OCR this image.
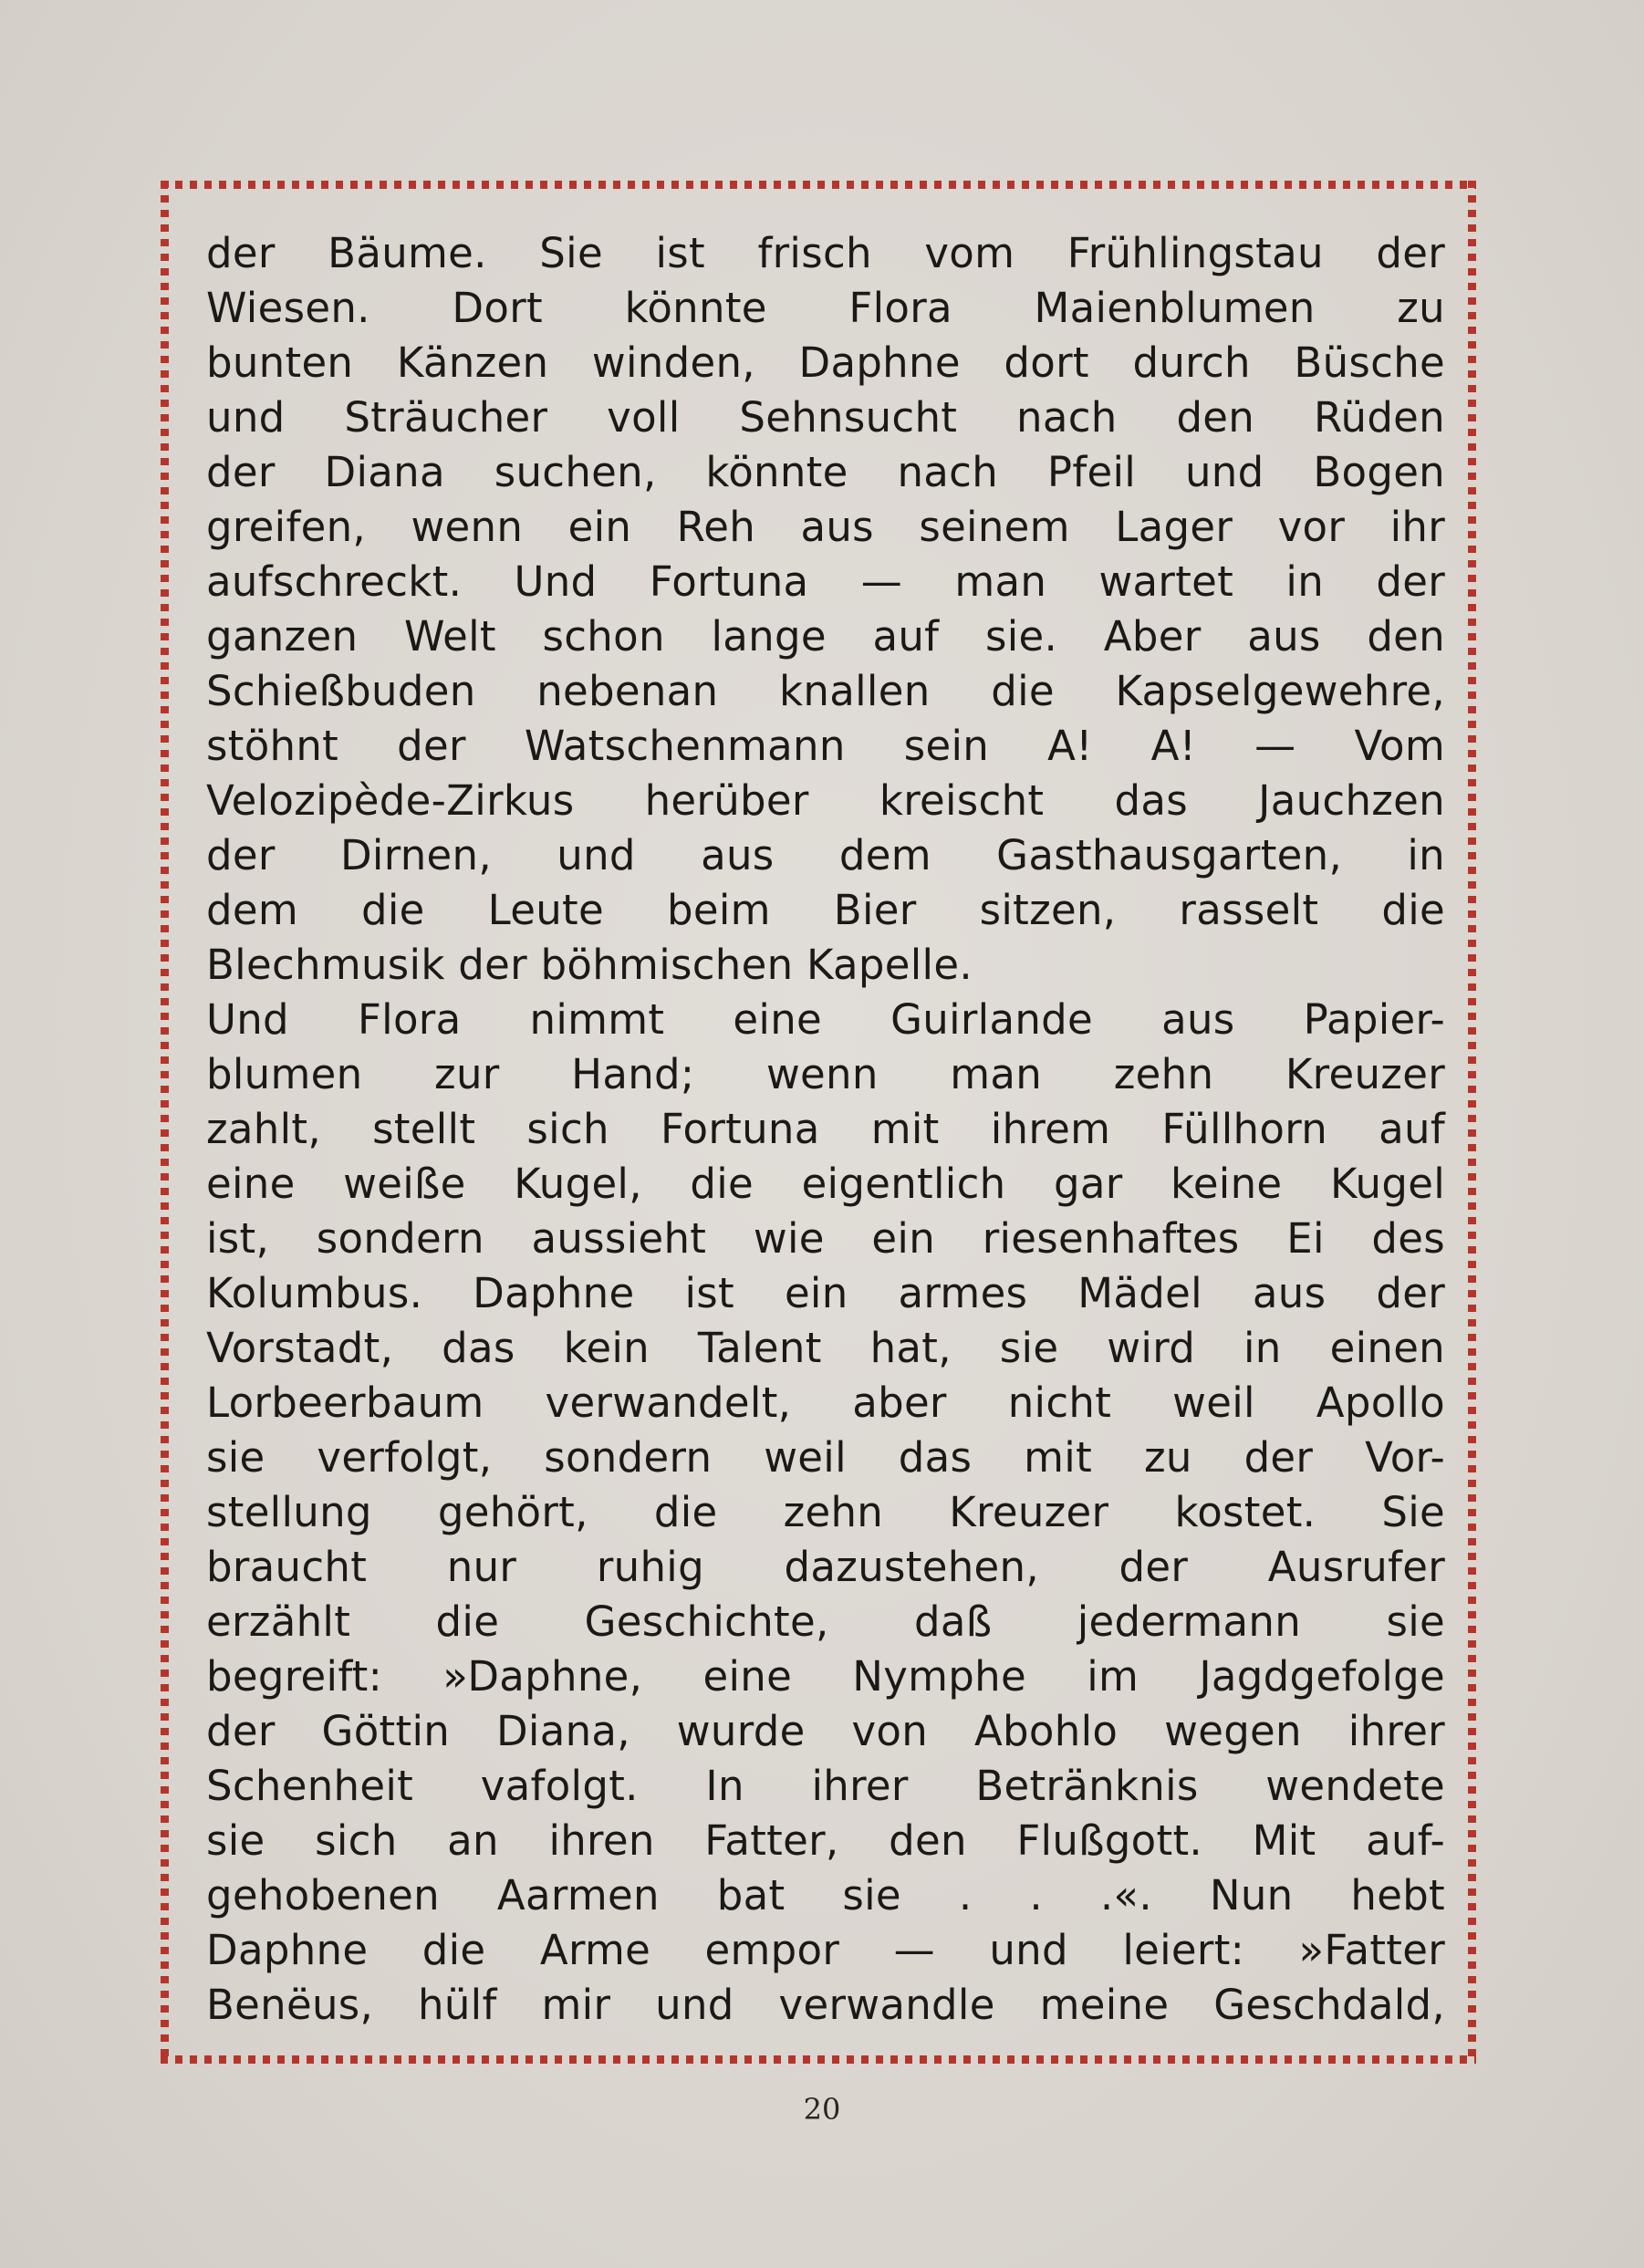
der Bäume. Sie ist frisch vom Frühlingstau der
Wiesen. Dort könnte Flora Maienblumen zu
bunten Känzen winden, Daphne dort durch Büsche
und Sträucher voll Sehnsucht nach den Rüden
der Diana suchen, könnte nach Pfeil und Bogen
greifen, wenn ein Reh aus seinem Lager vor ihr
aufschreckt. Und Fortuna — man wartet in der
ganzen Welt schon lange auf sie. Aber aus den
Schießbuden nebenan knallen die Kapselgewehre,
stöhnt der Watschenmann sein A! A! — Vom
Velozipède-Zirkus herüber kreischt das Jauchzen
der Dirnen, und aus dem Gasthausgarten, in
dem die Leute beim Bier sitzen, rasselt die
Blechmusik der böhmischen Kapelle.
Und Flora nimmt eine Guirlande aus Papier-
blumen zur Hand; wenn man zehn Kreuzer
zahlt, stellt sich Fortuna mit ihrem Füllhorn auf
eine weiße Kugel, die eigentlich gar keine Kugel
ist, sondern aussieht wie ein riesenhaftes Ei des
Kolumbus. Daphne ist ein armes Mädel aus der
Vorstadt, das kein Talent hat, sie wird in einen
Lorbeerbaum verwandelt, aber nicht weil Apollo
sie verfolgt, sondern weil das mit zu der Vor-
stellung gehört, die zehn Kreuzer kostet. Sie
braucht nur ruhig dazustehen, der Ausrufer
erzählt die Geschichte, daß jedermann sie
begreift: »Daphne, eine Nymphe im Jagdgefolge
der Göttin Diana, wurde von Abohlo wegen ihrer
Schenheit vafolgt. In ihrer Betränknis wendete
sie sich an ihren Fatter, den Flußgott. Mit auf-
gehobenen Aarmen bat sie . . .«. Nun hebt
Daphne die Arme empor — und leiert: »Fatter
Benëus, hülf mir und verwandle meine Geschdald,
20
